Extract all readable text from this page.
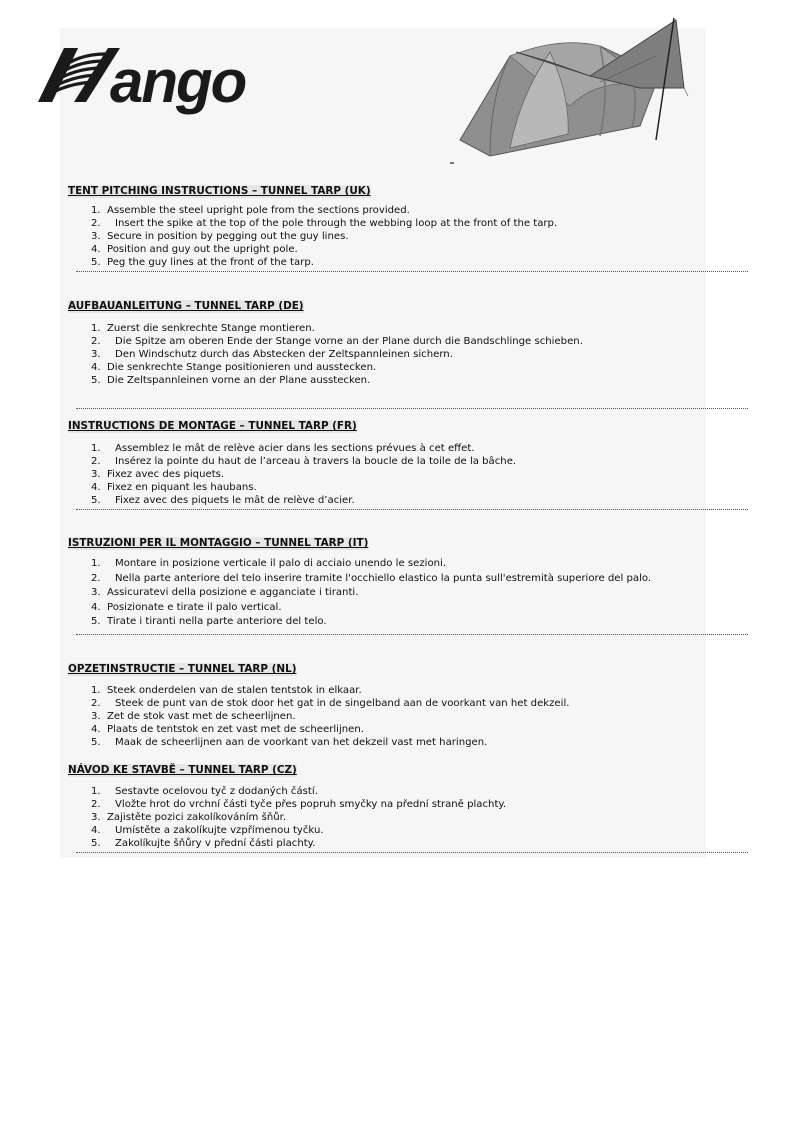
ango
TENT PITCHING INSTRUCTIONS – TUNNEL TARP (UK)
1. Assemble the steel upright pole from the sections provided.
2. Insert the spike at the top of the pole through the webbing loop at the front of the tarp.
3. Secure in position by pegging out the guy lines.
4. Position and guy out the upright pole.
5. Peg the guy lines at the front of the tarp.
AUFBAUANLEITUNG – TUNNEL TARP (DE)
1. Zuerst die senkrechte Stange montieren.
2. Die Spitze am oberen Ende der Stange vorne an der Plane durch die Bandschlinge schieben.
3. Den Windschutz durch das Abstecken der Zeltspannleinen sichern.
4. Die senkrechte Stange positionieren und ausstecken.
5. Die Zeltspannleinen vorne an der Plane ausstecken.
INSTRUCTIONS DE MONTAGE – TUNNEL TARP (FR)
1. Assemblez le mât de relève acier dans les sections prévues à cet effet.
2. Insérez la pointe du haut de l’arceau à travers la boucle de la toile de la bâche.
3. Fixez avec des piquets.
4. Fixez en piquant les haubans.
5. Fixez avec des piquets le mât de relève d’acier.
ISTRUZIONI PER IL MONTAGGIO – TUNNEL TARP (IT)
1. Montare in posizione verticale il palo di acciaio unendo le sezioni.
2. Nella parte anteriore del telo inserire tramite l'occhiello elastico la punta sull'estremità superiore del palo.
3. Assicuratevi della posizione e agganciate i tiranti.
4. Posizionate e tirate il palo vertical.
5. Tirate i tiranti nella parte anteriore del telo.
OPZETINSTRUCTIE – TUNNEL TARP (NL)
1. Steek onderdelen van de stalen tentstok in elkaar.
2. Steek de punt van de stok door het gat in de singelband aan de voorkant van het dekzeil.
3. Zet de stok vast met de scheerlijnen.
4. Plaats de tentstok en zet vast met de scheerlijnen.
5. Maak de scheerlijnen aan de voorkant van het dekzeil vast met haringen.
NÁVOD KE STAVBĚ – TUNNEL TARP (CZ)
1. Sestavte ocelovou tyč z dodaných částí.
2. Vložte hrot do vrchní části tyče přes popruh smyčky na přední straně plachty.
3. Zajistěte pozici zakolíkováním šňůr.
4. Umístěte a zakolíkujte vzpřímenou tyčku.
5. Zakolíkujte šňůry v přední části plachty.
